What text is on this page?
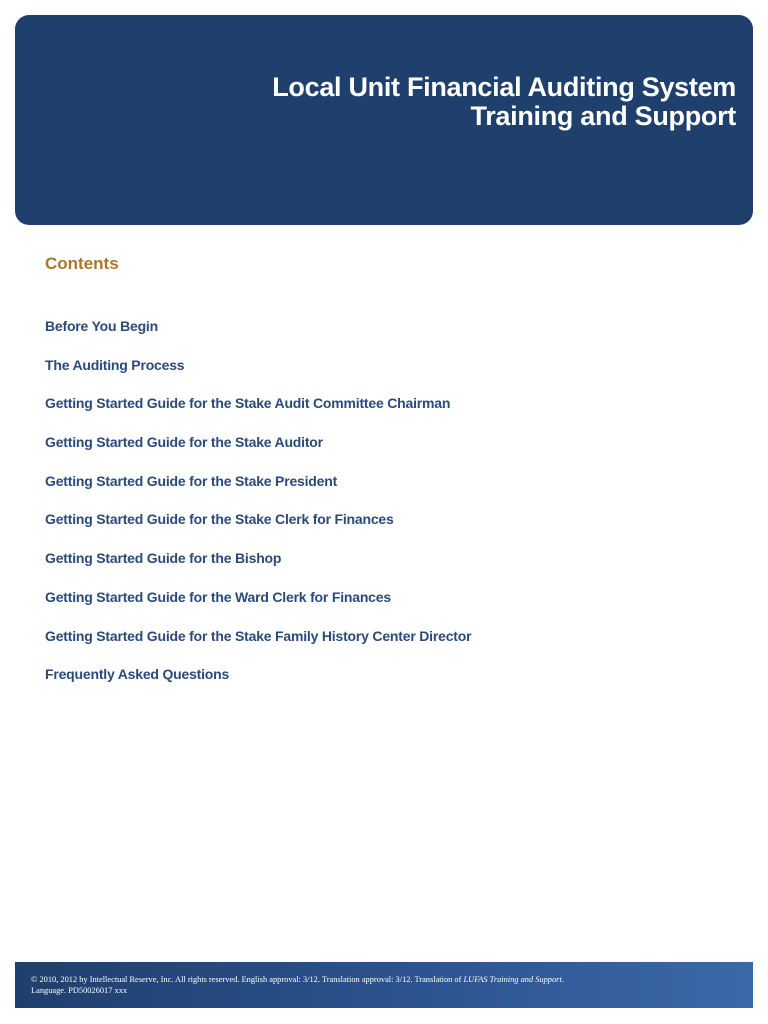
Local Unit Financial Auditing System
Training and Support
Contents
Before You Begin
The Auditing Process
Getting Started Guide for the Stake Audit Committee Chairman
Getting Started Guide for the Stake Auditor
Getting Started Guide for the Stake President
Getting Started Guide for the Stake Clerk for Finances
Getting Started Guide for the Bishop
Getting Started Guide for the Ward Clerk for Finances
Getting Started Guide for the Stake Family History Center Director
Frequently Asked Questions
© 2010, 2012 by Intellectual Reserve, Inc. All rights reserved. English approval: 3/12. Translation approval: 3/12. Translation of LUFAS Training and Support. Language. PD50026017 xxx
